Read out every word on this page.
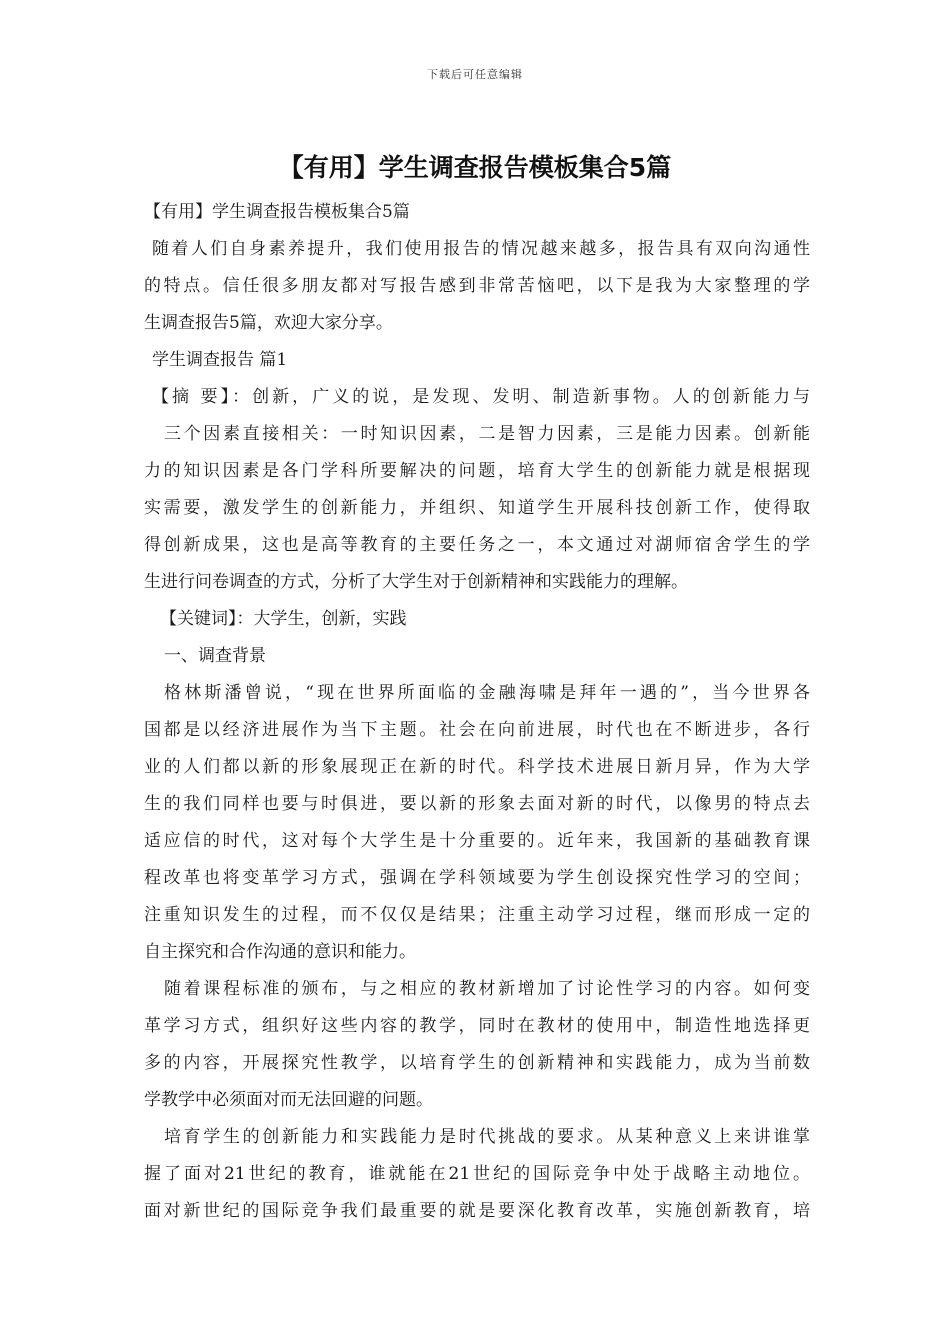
下载后可任意编辑
【有用】学生调查报告模板集合5篇
【有用】学生调查报告模板集合5篇
随着人们自身素养提升，我们使用报告的情况越来越多，报告具有双向沟通性
的特点。信任很多朋友都对写报告感到非常苦恼吧，以下是我为大家整理的学
生调查报告5篇，欢迎大家分享。
学生调查报告 篇1
【摘 要】：创新，广义的说，是发现、发明、制造新事物。人的创新能力与
三个因素直接相关：一时知识因素，二是智力因素，三是能力因素。创新能
力的知识因素是各门学科所要解决的问题，培育大学生的创新能力就是根据现
实需要，激发学生的创新能力，并组织、知道学生开展科技创新工作，使得取
得创新成果，这也是高等教育的主要任务之一，本文通过对湖师宿舍学生的学
生进行问卷调查的方式，分析了大学生对于创新精神和实践能力的理解。
【关键词】：大学生，创新，实践
一、调查背景
格林斯潘曾说，“现在世界所面临的金融海啸是拜年一遇的”，当今世界各
国都是以经济进展作为当下主题。社会在向前进展，时代也在不断进步，各行
业的人们都以新的形象展现正在新的时代。科学技术进展日新月异，作为大学
生的我们同样也要与时俱进，要以新的形象去面对新的时代，以像男的特点去
适应信的时代，这对每个大学生是十分重要的。近年来，我国新的基础教育课
程改革也将变革学习方式，强调在学科领域要为学生创设探究性学习的空间；
注重知识发生的过程，而不仅仅是结果；注重主动学习过程，继而形成一定的
自主探究和合作沟通的意识和能力。
随着课程标准的颁布，与之相应的教材新增加了讨论性学习的内容。如何变
革学习方式，组织好这些内容的教学，同时在教材的使用中，制造性地选择更
多的内容，开展探究性教学，以培育学生的创新精神和实践能力，成为当前数
学教学中必须面对而无法回避的问题。
培育学生的创新能力和实践能力是时代挑战的要求。从某种意义上来讲谁掌
握了面对21世纪的教育，谁就能在21世纪的国际竞争中处于战略主动地位。
面对新世纪的国际竞争我们最重要的就是要深化教育改革，实施创新教育，培
